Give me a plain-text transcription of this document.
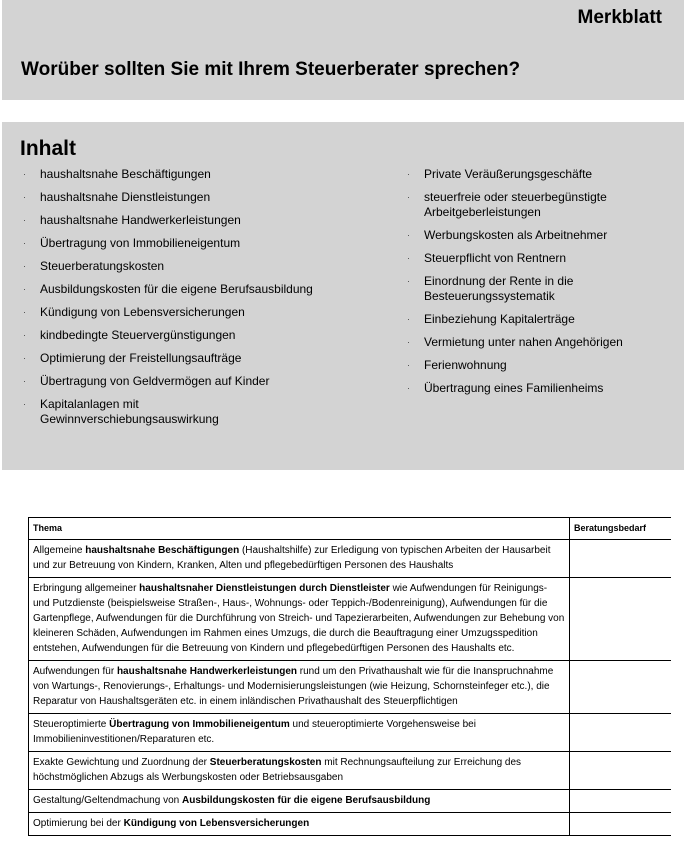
Merkblatt
Worüber sollten Sie mit Ihrem Steuerberater sprechen?
Inhalt
· haushaltsnahe Beschäftigungen
· haushaltsnahe Dienstleistungen
· haushaltsnahe Handwerkerleistungen
· Übertragung von Immobilieneigentum
· Steuerberatungskosten
· Ausbildungskosten für die eigene Berufsausbildung
· Kündigung von Lebensversicherungen
· kindbedingte Steuervergünstigungen
· Optimierung der Freistellungsaufträge
· Übertragung von Geldvermögen auf Kinder
· Kapitalanlagen mit Gewinnverschiebungsauswirkung
· Private Veräußerungsgeschäfte
· steuerfreie oder steuerbegünstigte Arbeitgeberleistungen
· Werbungskosten als Arbeitnehmer
· Steuerpflicht von Rentnern
· Einordnung der Rente in die Besteuerungssystematik
· Einbeziehung Kapitalerträge
· Vermietung unter nahen Angehörigen
· Ferienwohnung
· Übertragung eines Familienheims
Thema	Beratungsbedarf
Allgemeine haushaltsnahe Beschäftigungen (Haushaltshilfe) zur Erledigung von typischen Arbeiten der Hausarbeit und zur Betreuung von Kindern, Kranken, Alten und pflegebedürftigen Personen des Haushalts	
Erbringung allgemeiner haushaltsnaher Dienstleistungen durch Dienstleister wie Aufwendungen für Reinigungs- und Putzdienste (beispielsweise Straßen-, Haus-, Wohnungs- oder Teppich-/Bodenreinigung), Aufwendungen für die Gartenpflege, Aufwendungen für die Durchführung von Streich- und Tapezierarbeiten, Aufwendungen zur Behebung von kleineren Schäden, Aufwendungen im Rahmen eines Umzugs, die durch die Beauftragung einer Umzugsspedition entstehen, Aufwendungen für die Betreuung von Kindern und pflegebedürftigen Personen des Haushalts etc.	
Aufwendungen für haushaltsnahe Handwerkerleistungen rund um den Privathaushalt wie für die Inanspruchnahme von Wartungs-, Renovierungs-, Erhaltungs- und Modernisierungsleistungen (wie Heizung, Schornsteinfeger etc.), die Reparatur von Haushaltsgeräten etc. in einem inländischen Privathaushalt des Steuerpflichtigen	
Steueroptimierte Übertragung von Immobilieneigentum und steueroptimierte Vorgehensweise bei Immobilieninvestitionen/Reparaturen etc.	
Exakte Gewichtung und Zuordnung der Steuerberatungskosten mit Rechnungsaufteilung zur Erreichung des höchstmöglichen Abzugs als Werbungskosten oder Betriebsausgaben	
Gestaltung/Geltendmachung von Ausbildungskosten für die eigene Berufsausbildung	
Optimierung bei der Kündigung von Lebensversicherungen	
